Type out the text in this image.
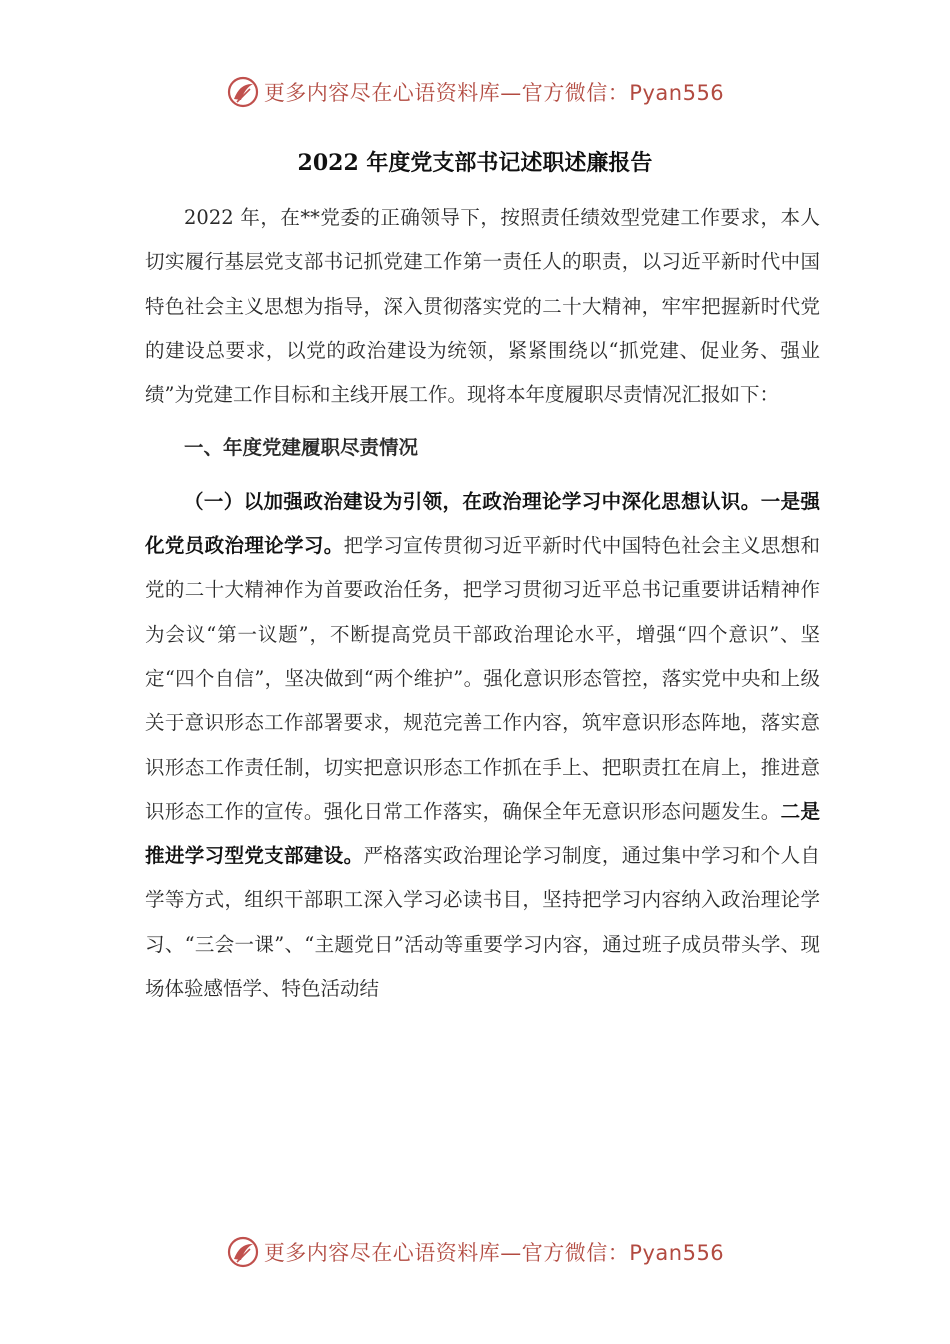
更多内容尽在心语资料库—官方微信：Pyan556
2022 年度党支部书记述职述廉报告

2022 年，在**党委的正确领导下，按照责任绩效型党建工作要求，本人切实履行基层党支部书记抓党建工作第一责任人的职责，以习近平新时代中国特色社会主义思想为指导，深入贯彻落实党的二十大精神，牢牢把握新时代党的建设总要求，以党的政治建设为统领，紧紧围绕以“抓党建、促业务、强业绩”为党建工作目标和主线开展工作。现将本年度履职尽责情况汇报如下：

一、年度党建履职尽责情况

（一）以加强政治建设为引领，在政治理论学习中深化思想认识。一是强化党员政治理论学习。把学习宣传贯彻习近平新时代中国特色社会主义思想和党的二十大精神作为首要政治任务，把学习贯彻习近平总书记重要讲话精神作为会议“第一议题”，不断提高党员干部政治理论水平，增强“四个意识”、坚定“四个自信”，坚决做到“两个维护”。强化意识形态管控，落实党中央和上级关于意识形态工作部署要求，规范完善工作内容，筑牢意识形态阵地，落实意识形态工作责任制，切实把意识形态工作抓在手上、把职责扛在肩上，推进意识形态工作的宣传。强化日常工作落实，确保全年无意识形态问题发生。二是推进学习型党支部建设。严格落实政治理论学习制度，通过集中学习和个人自学等方式，组织干部职工深入学习必读书目，坚持把学习内容纳入政治理论学习、“三会一课”、“主题党日”活动等重要学习内容，通过班子成员带头学、现场体验感悟学、特色活动结

更多内容尽在心语资料库—官方微信：Pyan556
